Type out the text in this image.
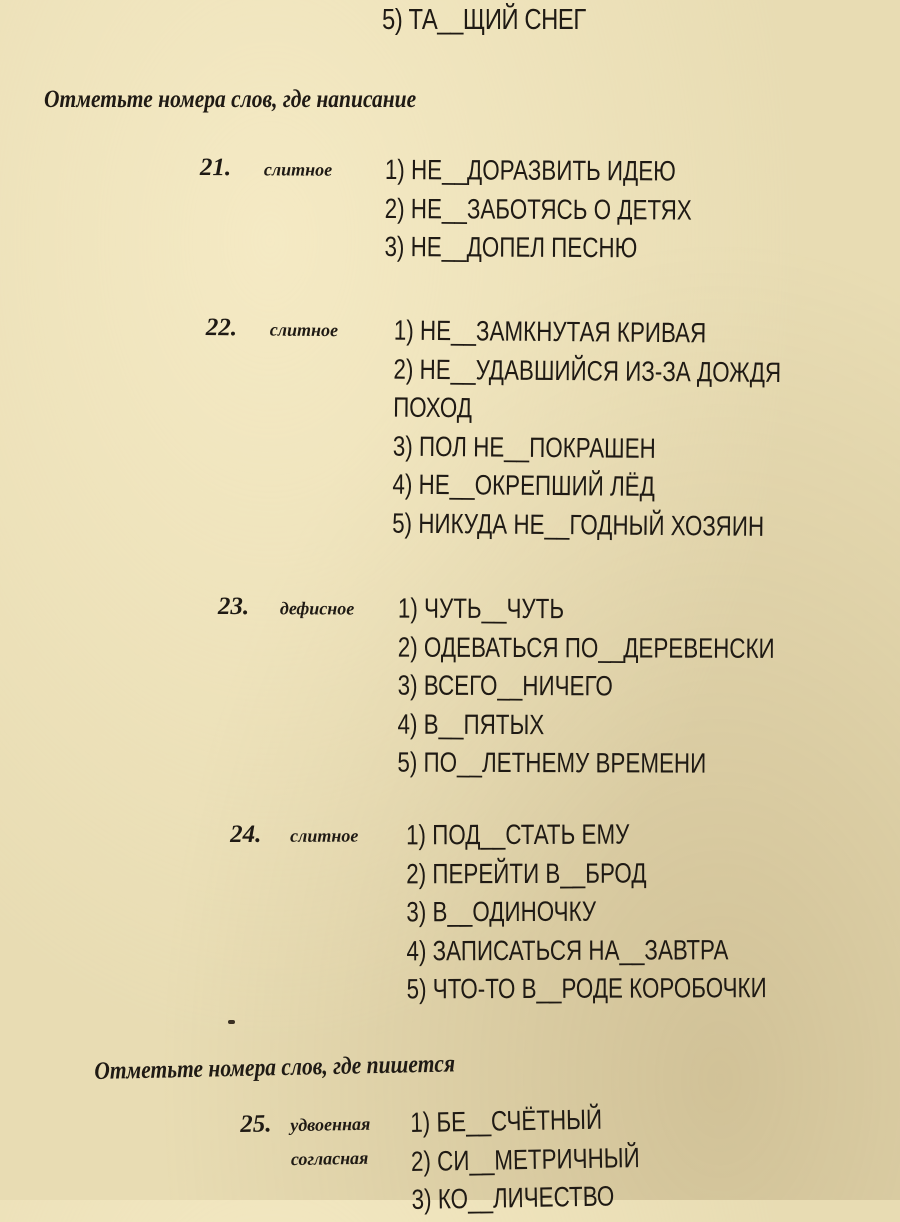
5) ТА__ЩИЙ СНЕГ
Отметьте номера слов, где написание
21. слитное 1) НЕ__ДОРАЗВИТЬ ИДЕЮ
2) НЕ__ЗАБОТЯСЬ О ДЕТЯХ
3) НЕ__ДОПЕЛ ПЕСНЮ
22. слитное 1) НЕ__ЗАМКНУТАЯ КРИВАЯ
2) НЕ__УДАВШИЙСЯ ИЗ-ЗА ДОЖДЯ
ПОХОД
3) ПОЛ НЕ__ПОКРАШЕН
4) НЕ__ОКРЕПШИЙ ЛЁД
5) НИКУДА НЕ__ГОДНЫЙ ХОЗЯИН
23. дефисное 1) ЧУТЬ__ЧУТЬ
2) ОДЕВАТЬСЯ ПО__ДЕРЕВЕНСКИ
3) ВСЕГО__НИЧЕГО
4) В__ПЯТЫХ
5) ПО__ЛЕТНЕМУ ВРЕМЕНИ
24. слитное 1) ПОД__СТАТЬ ЕМУ
2) ПЕРЕЙТИ В__БРОД
3) В__ОДИНОЧКУ
4) ЗАПИСАТЬСЯ НА__ЗАВТРА
5) ЧТО-ТО В__РОДЕ КОРОБОЧКИ
Отметьте номера слов, где пишется
25. удвоенная
согласная
1) БЕ__СЧЁТНЫЙ
2) СИ__МЕТРИЧНЫЙ
3) КО__ЛИЧЕСТВО
